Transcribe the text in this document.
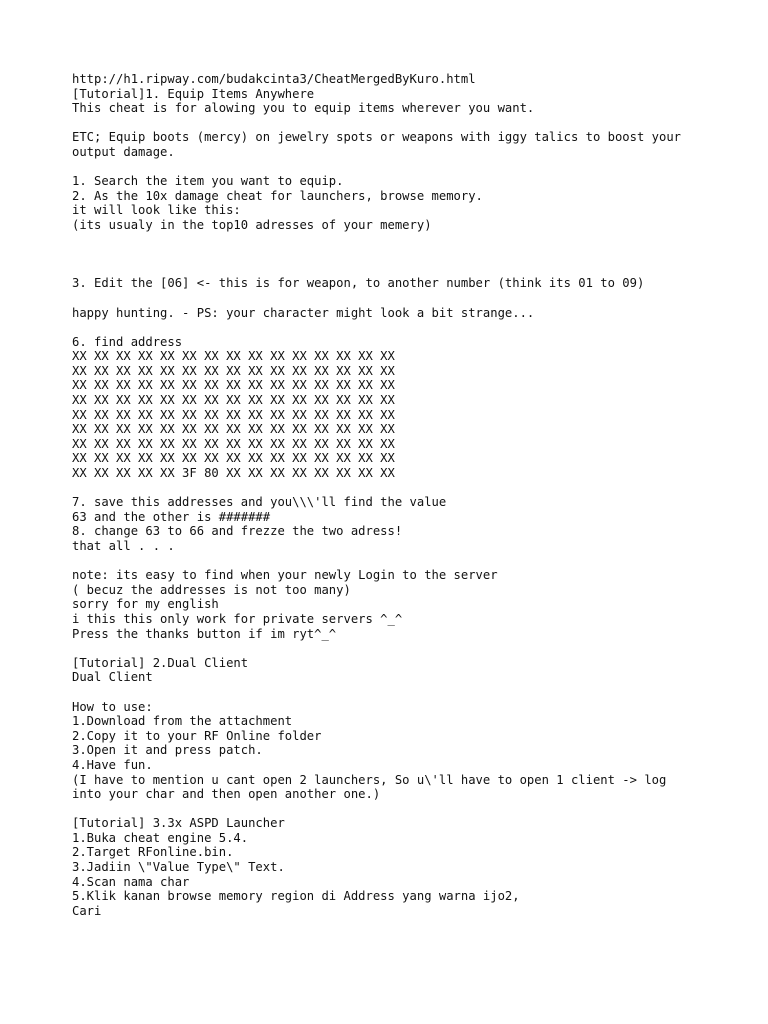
http://h1.ripway.com/budakcinta3/CheatMergedByKuro.html
[Tutorial]1. Equip Items Anywhere
This cheat is for alowing you to equip items wherever you want.
ETC; Equip boots (mercy) on jewelry spots or weapons with iggy talics to boost your
output damage.
1. Search the item you want to equip.
2. As the 10x damage cheat for launchers, browse memory.
it will look like this:
(its usualy in the top10 adresses of your memery)
3. Edit the [06] <- this is for weapon, to another number (think its 01 to 09)
happy hunting. - PS: your character might look a bit strange...
6. find address
XX XX XX XX XX XX XX XX XX XX XX XX XX XX XX
XX XX XX XX XX XX XX XX XX XX XX XX XX XX XX
XX XX XX XX XX XX XX XX XX XX XX XX XX XX XX
XX XX XX XX XX XX XX XX XX XX XX XX XX XX XX
XX XX XX XX XX XX XX XX XX XX XX XX XX XX XX
XX XX XX XX XX XX XX XX XX XX XX XX XX XX XX
XX XX XX XX XX XX XX XX XX XX XX XX XX XX XX
XX XX XX XX XX XX XX XX XX XX XX XX XX XX XX
XX XX XX XX XX 3F 80 XX XX XX XX XX XX XX XX
7. save this addresses and you\\\'ll find the value
63 and the other is #######
8. change 63 to 66 and frezze the two adress!
that all . . .
note: its easy to find when your newly Login to the server
( becuz the addresses is not too many)
sorry for my english
i this this only work for private servers ^_^
Press the thanks button if im ryt^_^
[Tutorial] 2.Dual Client
Dual Client
How to use:
1.Download from the attachment
2.Copy it to your RF Online folder
3.Open it and press patch.
4.Have fun.
(I have to mention u cant open 2 launchers, So u\'ll have to open 1 client -> log
into your char and then open another one.)
[Tutorial] 3.3x ASPD Launcher
1.Buka cheat engine 5.4.
2.Target RFonline.bin.
3.Jadiin \"Value Type\" Text.
4.Scan nama char
5.Klik kanan browse memory region di Address yang warna ijo2,
Cari
